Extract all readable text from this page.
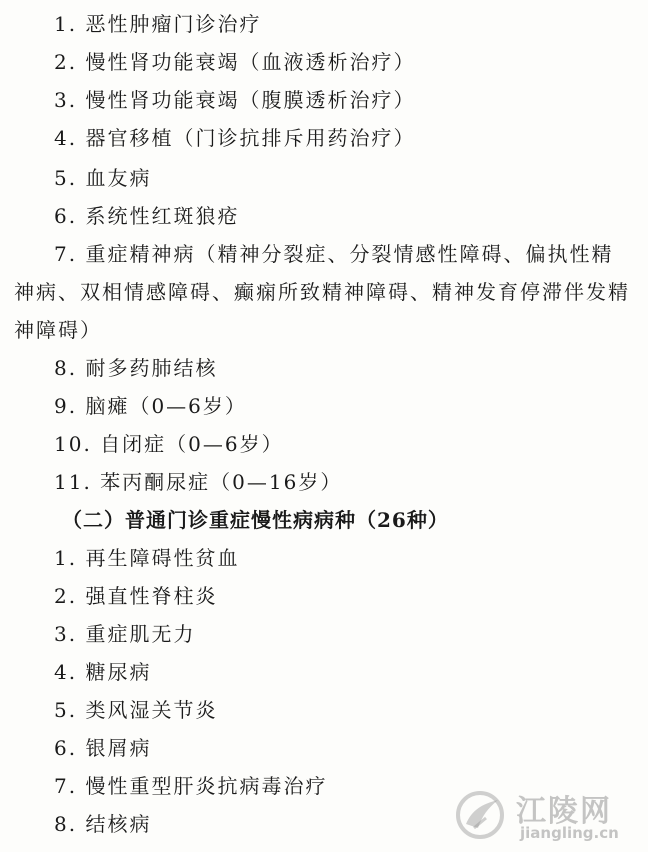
1. 恶性肿瘤门诊治疗
2. 慢性肾功能衰竭（血液透析治疗）
3. 慢性肾功能衰竭（腹膜透析治疗）
4. 器官移植（门诊抗排斥用药治疗）
5. 血友病
6. 系统性红斑狼疮
7. 重症精神病（精神分裂症、分裂情感性障碍、偏执性精
神病、双相情感障碍、癫痫所致精神障碍、精神发育停滞伴发精
神障碍）
8. 耐多药肺结核
9. 脑瘫（0—6岁）
10. 自闭症（0—6岁）
11. 苯丙酮尿症（0—16岁）
（二）普通门诊重症慢性病病种（26种）
1. 再生障碍性贫血
2. 强直性脊柱炎
3. 重症肌无力
4. 糖尿病
5. 类风湿关节炎
6. 银屑病
7. 慢性重型肝炎抗病毒治疗
8. 结核病	江陵网
jiangling.cn
